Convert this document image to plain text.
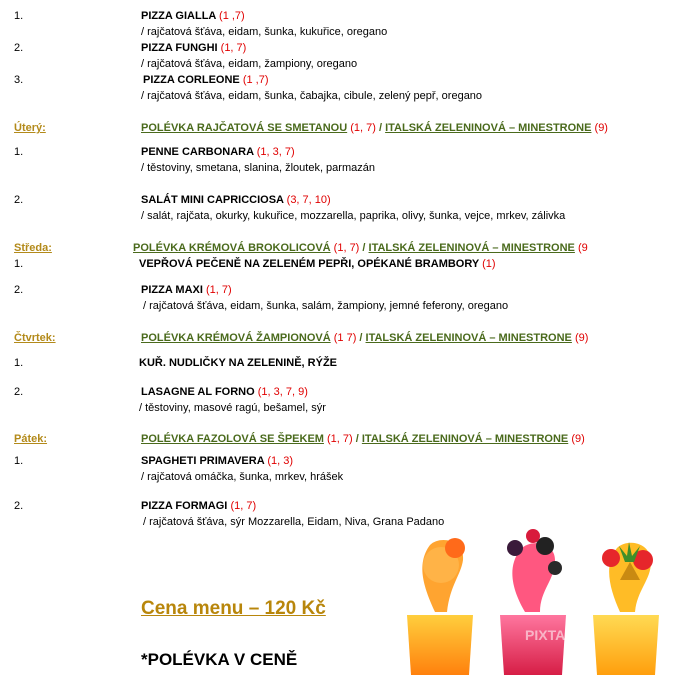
1.	PIZZA GIALLA (1 ,7)
/ rajčatová šťáva, eidam, šunka, kukuřice, oregano
2.	PIZZA FUNGHI (1, 7)
/ rajčatová šťáva, eidam, žampiony, oregano
3.	PIZZA CORLEONE (1 ,7)
/ rajčatová šťáva, eidam, šunka, čabajka, cibule, zelený pepř, oregano
Úterý:	POLÉVKA RAJČATOVÁ SE SMETANOU (1, 7) / ITALSKÁ ZELENINOVÁ – MINESTRONE (9)
1.	PENNE CARBONARA (1, 3, 7)
/ těstoviny, smetana, slanina, žloutek, parmazán
2.	SALÁT MINI CAPRICCIOSA (3, 7, 10)
/ salát, rajčata, okurky, kukuřice, mozzarella, paprika, olivy, šunka, vejce, mrkev, zálivka
Středa:	POLÉVKA KRÉMOVÁ BROKOLICOVÁ (1, 7) / ITALSKÁ ZELENINOVÁ – MINESTRONE (9
1.	VEPŘOVÁ PEČENĚ NA ZELENÉM PEPŘI, OPÉKANÉ BRAMBORY (1)
2.	PIZZA MAXI (1, 7)
/ rajčatová šťáva, eidam, šunka, salám, žampiony, jemné feferony, oregano
Čtvrtek:	POLÉVKA KRÉMOVÁ ŽAMPIONOVÁ (1 7) / ITALSKÁ ZELENINOVÁ – MINESTRONE (9)
1.	KUŘ. NUDLIČKY NA ZELENINĚ, RÝŽE
2.	LASAGNE AL FORNO (1, 3, 7, 9)
/ těstoviny, masové ragú, bešamel, sýr
Pátek:	POLÉVKA FAZOLOVÁ SE ŠPEKEM (1, 7) / ITALSKÁ ZELENINOVÁ – MINESTRONE (9)
1.	SPAGHETI PRIMAVERA (1, 3)
/ rajčatová omáčka, šunka, mrkev, hrášek
2.	PIZZA FORMAGI (1, 7)
/ rajčatová šťáva, sýr Mozzarella, Eidam, Niva, Grana Padano
PIXTA
Cena menu – 120 Kč
*POLÉVKA V CENĚ
